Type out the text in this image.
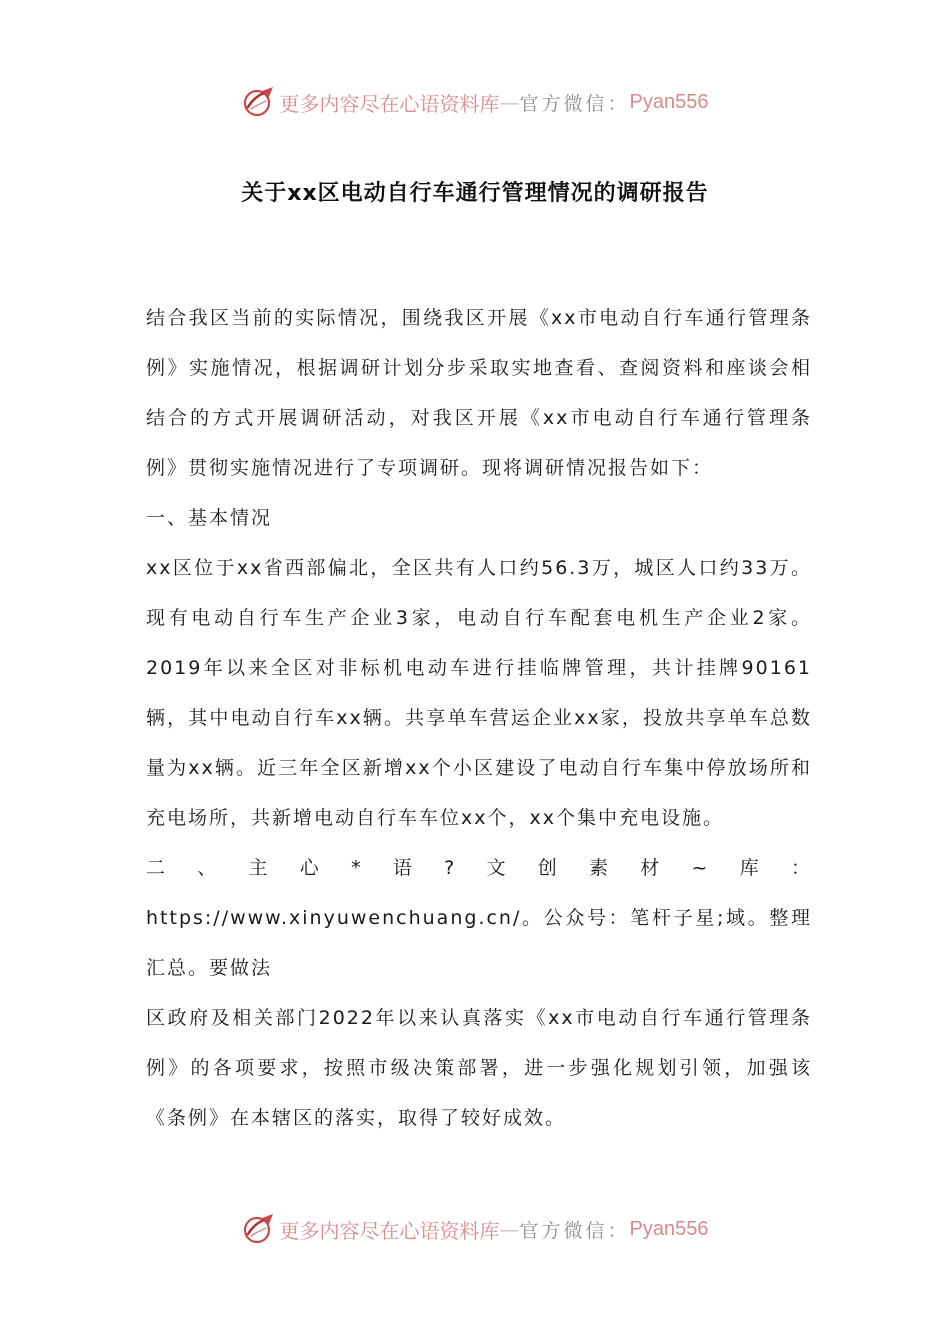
更多内容尽在心语资料库 — 官方微信： Pyan556
关于xx区电动自行车通行管理情况的调研报告

结合我区当前的实际情况，围绕我区开展《xx市电动自行车通行管理条例》实施情况，根据调研计划分步采取实地查看、查阅资料和座谈会相结合的方式开展调研活动，对我区开展《xx市电动自行车通行管理条例》贯彻实施情况进行了专项调研。现将调研情况报告如下：

一、基本情况

xx区位于xx省西部偏北，全区共有人口约56.3万，城区人口约33万。现有电动自行车生产企业3家，电动自行车配套电机生产企业2家。2019年以来全区对非标机电动车进行挂临牌管理，共计挂牌90161辆，其中电动自行车xx辆。共享单车营运企业xx家，投放共享单车总数量为xx辆。近三年全区新增xx个小区建设了电动自行车集中停放场所和充电场所，共新增电动自行车车位xx个，xx个集中充电设施。

二、主心*语?文创素材~库：https://www.xinyuwenchuang.cn/。公众号：笔杆子星;域。整理汇总。要做法

区政府及相关部门2022年以来认真落实《xx市电动自行车通行管理条例》的各项要求，按照市级决策部署，进一步强化规划引领，加强该《条例》在本辖区的落实，取得了较好成效。

更多内容尽在心语资料库 — 官方微信： Pyan556
